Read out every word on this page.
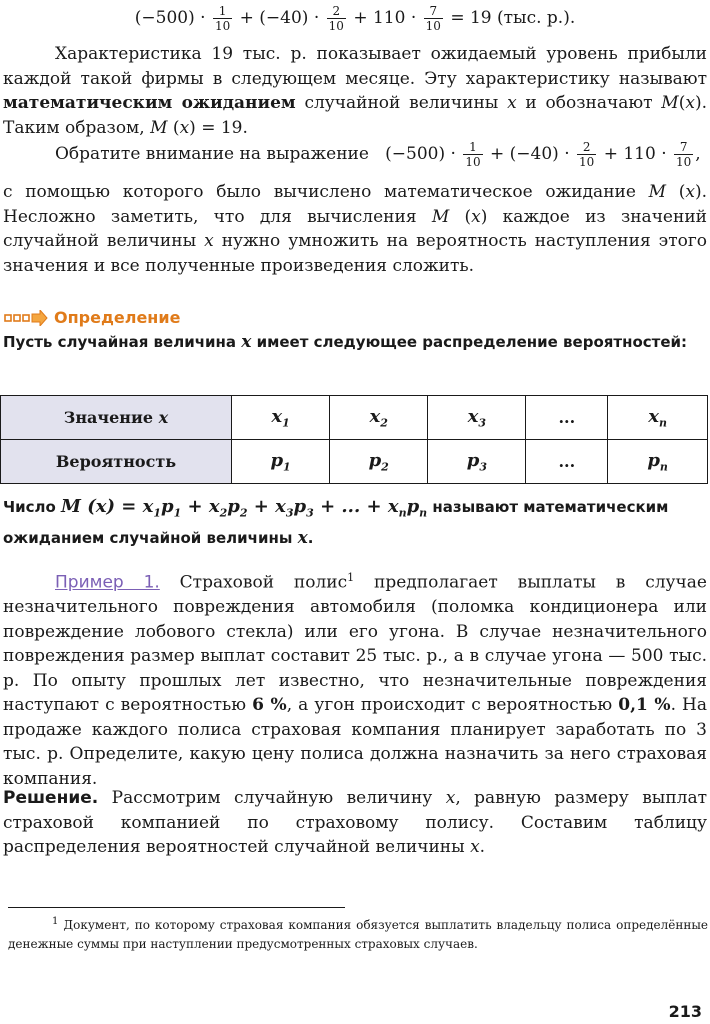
$(-500) \cdot \frac{1}{10} + (-40) \cdot \frac{2}{10} + 110 \cdot \frac{7}{10} = 19$ (тыс. р.).
Характеристика 19 тыс. р. показывает ожидаемый уровень прибыли каждой такой фирмы в следующем месяце. Эту характеристику называют математическим ожиданием случайной величины x и обозначают M(x). Таким образом, M (x) = 19.
Обратите внимание на выражение $(-500) \cdot \frac{1}{10} + (-40) \cdot \frac{2}{10} + 110 \cdot \frac{7}{10}$ ,
с помощью которого было вычислено математическое ожидание M (x). Несложно заметить, что для вычисления M (x) каждое из значений случайной величины x нужно умножить на вероятность наступления этого значения и все полученные произведения сложить.
Определение
Пусть случайная величина x имеет следующее распределение вероятностей:
Значение x	$x_1$	$x_2$	$x_3$	...	$x_n$
Вероятность	$p_1$	$p_2$	$p_3$	...	$p_n$
Число M $(x) = x_1p_1 + x_2p_2 + x_3p_3$ + ... + $x_np_n$ называют математическим ожиданием случайной величины x.
Пример 1. Страховой полис$^1$ предполагает выплаты в случае незначительного повреждения автомобиля (поломка кондиционера или повреждение лобового стекла) или его угона. В случае незначительного повреждения размер выплат составит 25 тыс. р., а в случае угона — 500 тыс. р. По опыту прошлых лет известно, что незначительные повреждения наступают с вероятностью 6 %, а угон происходит с вероятностью 0,1 %. На продаже каждого полиса страховая компания планирует заработать по 3 тыс. р. Определите, какую цену полиса должна назначить за него страховая компания.
Решение. Рассмотрим случайную величину x, равную размеру выплат страховой компанией по страховому полису. Составим таблицу распределения вероятностей случайной величины x.
$^1$ Документ, по которому страховая компания обязуется выплатить владельцу полиса определённые денежные суммы при наступлении предусмотренных страховых случаев.
213
